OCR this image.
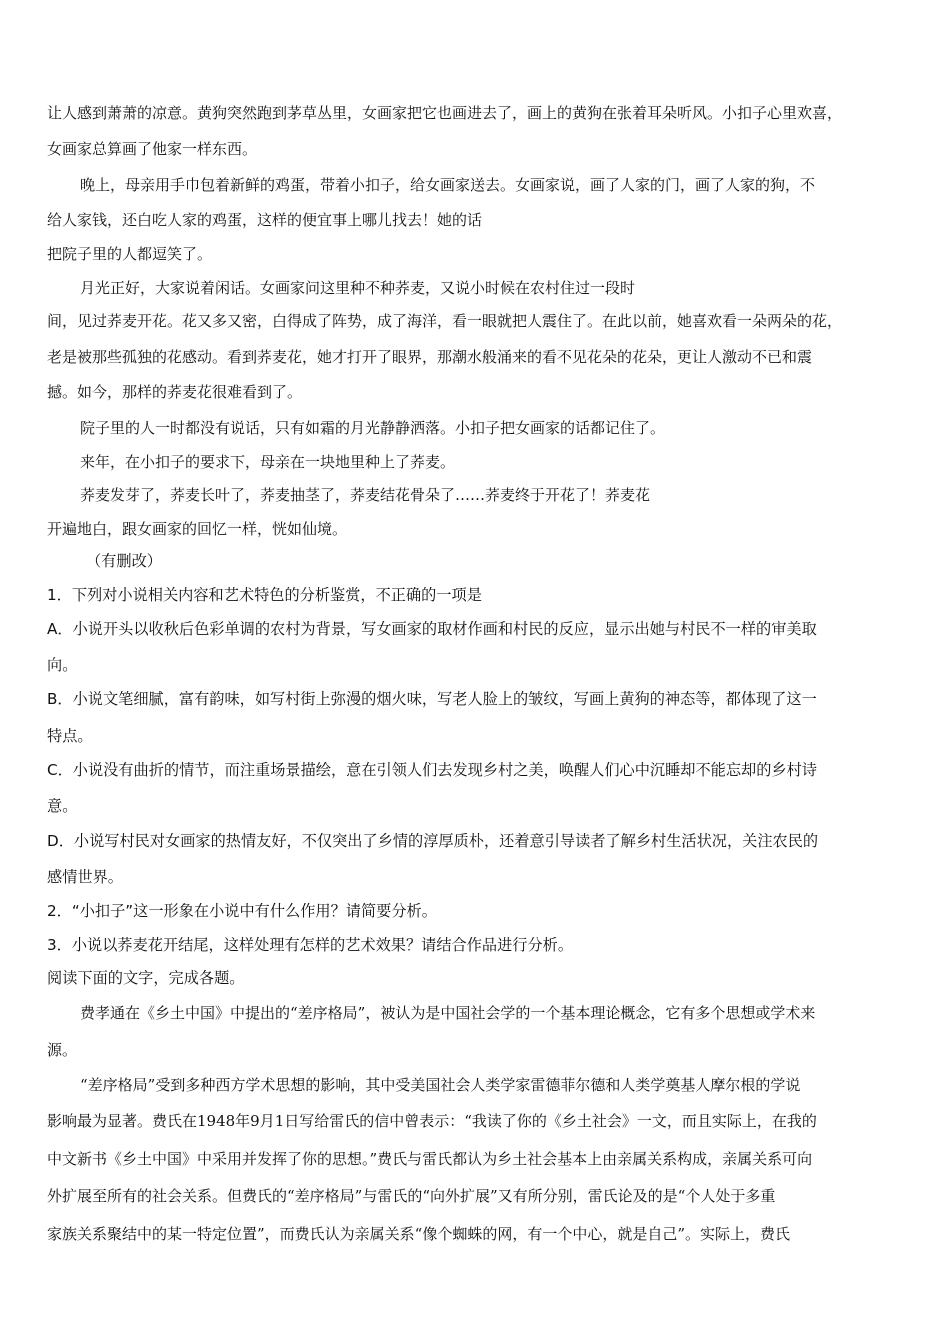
让人感到萧萧的凉意。黄狗突然跑到茅草丛里，女画家把它也画进去了，画上的黄狗在张着耳朵听风。小扣子心里欢喜，
女画家总算画了他家一样东西。
晚上，母亲用手巾包着新鲜的鸡蛋，带着小扣子，给女画家送去。女画家说，画了人家的门，画了人家的狗，不
给人家钱，还白吃人家的鸡蛋，这样的便宜事上哪儿找去！她的话
把院子里的人都逗笑了。
月光正好，大家说着闲话。女画家问这里种不种荞麦，又说小时候在农村住过一段时
间，见过荞麦开花。花又多又密，白得成了阵势，成了海洋，看一眼就把人震住了。在此以前，她喜欢看一朵两朵的花，
老是被那些孤独的花感动。看到荞麦花，她才打开了眼界，那潮水般涌来的看不见花朵的花朵，更让人激动不已和震
撼。如今，那样的荞麦花很难看到了。
院子里的人一时都没有说话，只有如霜的月光静静洒落。小扣子把女画家的话都记住了。
来年，在小扣子的要求下，母亲在一块地里种上了荞麦。
荞麦发芽了，荞麦长叶了，荞麦抽茎了，荞麦结花骨朵了……荞麦终于开花了！荞麦花
开遍地白，跟女画家的回忆一样，恍如仙境。
（有删改）
1．下列对小说相关内容和艺术特色的分析鉴赏，不正确的一项是
A．小说开头以收秋后色彩单调的农村为背景，写女画家的取材作画和村民的反应，显示出她与村民不一样的审美取
向。
B．小说文笔细腻，富有韵味，如写村街上弥漫的烟火味，写老人脸上的皱纹，写画上黄狗的神态等，都体现了这一
特点。
C．小说没有曲折的情节，而注重场景描绘，意在引领人们去发现乡村之美，唤醒人们心中沉睡却不能忘却的乡村诗
意。
D．小说写村民对女画家的热情友好，不仅突出了乡情的淳厚质朴，还着意引导读者了解乡村生活状况，关注农民的
感情世界。
2．“小扣子”这一形象在小说中有什么作用？请简要分析。
3．小说以荞麦花开结尾，这样处理有怎样的艺术效果？请结合作品进行分析。
阅读下面的文字，完成各题。
费孝通在《乡土中国》中提出的“差序格局”，被认为是中国社会学的一个基本理论概念，它有多个思想或学术来
源。
“差序格局”受到多种西方学术思想的影响，其中受美国社会人类学家雷德菲尔德和人类学奠基人摩尔根的学说
影响最为显著。费氏在1948年9月1日写给雷氏的信中曾表示：“我读了你的《乡土社会》一文，而且实际上，在我的
中文新书《乡土中国》中采用并发挥了你的思想。”费氏与雷氏都认为乡土社会基本上由亲属关系构成，亲属关系可向
外扩展至所有的社会关系。但费氏的“差序格局”与雷氏的“向外扩展”又有所分别，雷氏论及的是“个人处于多重
家族关系聚结中的某一特定位置”，而费氏认为亲属关系“像个蜘蛛的网，有一个中心，就是自己”。实际上，费氏
